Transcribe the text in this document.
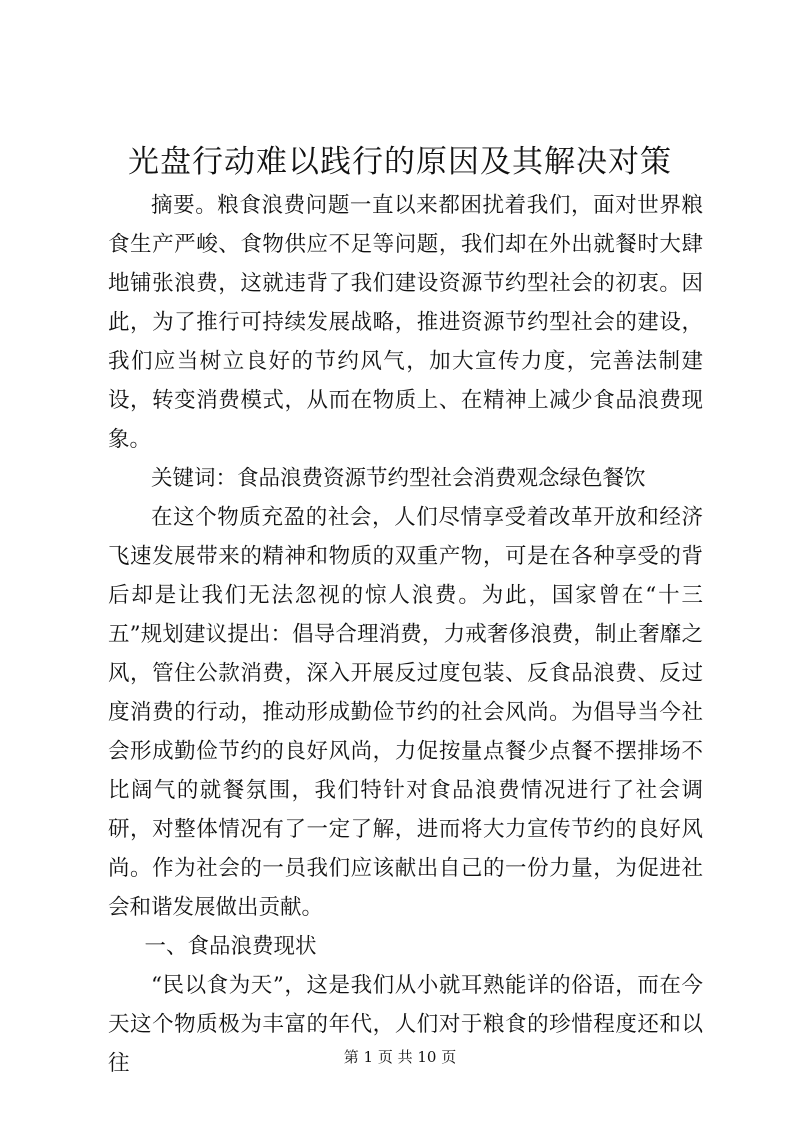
光盘行动难以践行的原因及其解决对策

摘要。粮食浪费问题一直以来都困扰着我们，面对世界粮食生产严峻、食物供应不足等问题，我们却在外出就餐时大肆地铺张浪费，这就违背了我们建设资源节约型社会的初衷。因此，为了推行可持续发展战略，推进资源节约型社会的建设，我们应当树立良好的节约风气，加大宣传力度，完善法制建设，转变消费模式，从而在物质上、在精神上减少食品浪费现象。

关键词：食品浪费资源节约型社会消费观念绿色餐饮

在这个物质充盈的社会，人们尽情享受着改革开放和经济飞速发展带来的精神和物质的双重产物，可是在各种享受的背后却是让我们无法忽视的惊人浪费。为此，国家曾在“十三五”规划建议提出：倡导合理消费，力戒奢侈浪费，制止奢靡之风，管住公款消费，深入开展反过度包装、反食品浪费、反过度消费的行动，推动形成勤俭节约的社会风尚。为倡导当今社会形成勤俭节约的良好风尚，力促按量点餐少点餐不摆排场不比阔气的就餐氛围，我们特针对食品浪费情况进行了社会调研，对整体情况有了一定了解，进而将大力宣传节约的良好风尚。作为社会的一员我们应该献出自己的一份力量，为促进社会和谐发展做出贡献。

一、食品浪费现状

“民以食为天”，这是我们从小就耳熟能详的俗语，而在今天这个物质极为丰富的年代，人们对于粮食的珍惜程度还和以往	第 1 页 共 10 页
